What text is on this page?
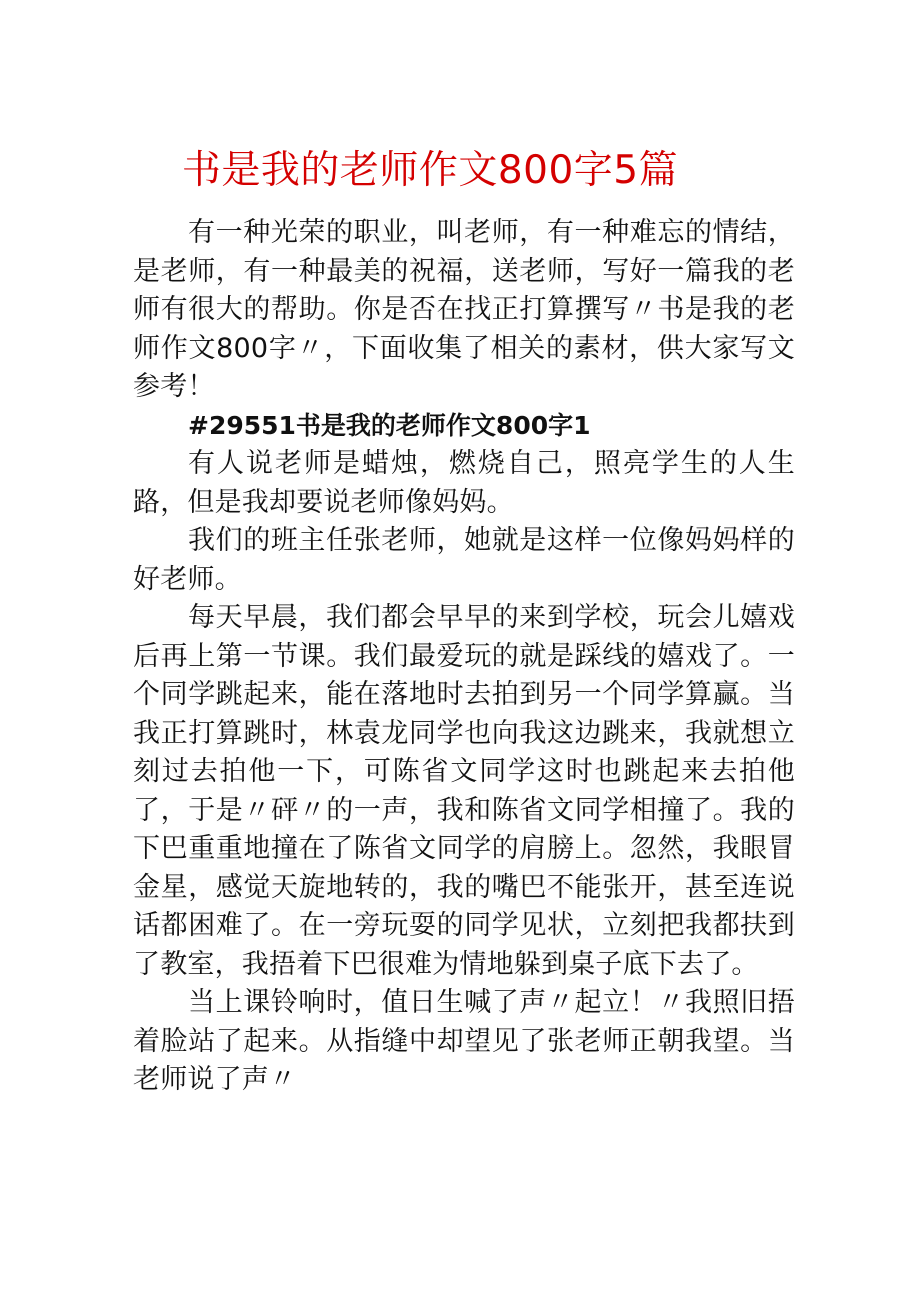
书是我的老师作文800字5篇

有一种光荣的职业，叫老师，有一种难忘的情结，是老师，有一种最美的祝福，送老师，写好一篇我的老师有很大的帮助。你是否在找正打算撰写〃书是我的老师作文800字〃，下面收集了相关的素材，供大家写文参考！

#29551书是我的老师作文800字1

有人说老师是蜡烛，燃烧自己，照亮学生的人生路，但是我却要说老师像妈妈。

我们的班主任张老师，她就是这样一位像妈妈样的好老师。

每天早晨，我们都会早早的来到学校，玩会儿嬉戏后再上第一节课。我们最爱玩的就是踩线的嬉戏了。一个同学跳起来，能在落地时去拍到另一个同学算赢。当我正打算跳时，林袁龙同学也向我这边跳来，我就想立刻过去拍他一下，可陈省文同学这时也跳起来去拍他了，于是〃砰〃的一声，我和陈省文同学相撞了。我的下巴重重地撞在了陈省文同学的肩膀上。忽然，我眼冒金星，感觉天旋地转的，我的嘴巴不能张开，甚至连说话都困难了。在一旁玩耍的同学见状，立刻把我都扶到了教室，我捂着下巴很难为情地躲到桌子底下去了。

当上课铃响时，值日生喊了声〃起立！〃我照旧捂着脸站了起来。从指缝中却望见了张老师正朝我望。当老师说了声〃
